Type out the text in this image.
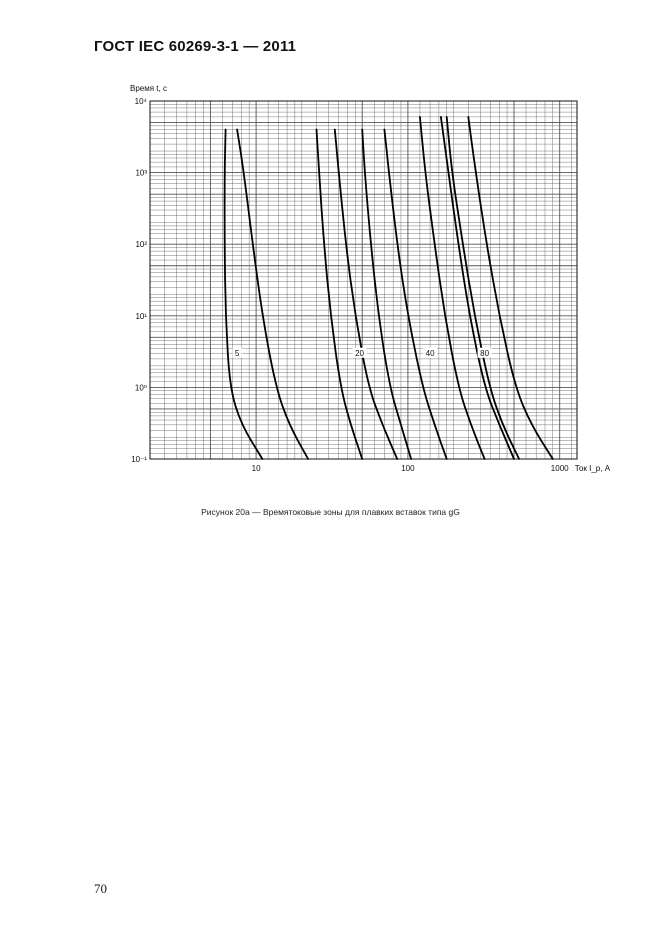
ГОСТ IEC 60269-3-1 — 2011
5	20	40	80
10⁻¹
10⁰
10¹
10²
10³
10⁴
10	100	1000
Время t, с
Ток I_p, А
Рисунок 20а — Времятоковые зоны для плавких вставок типа gG
70
